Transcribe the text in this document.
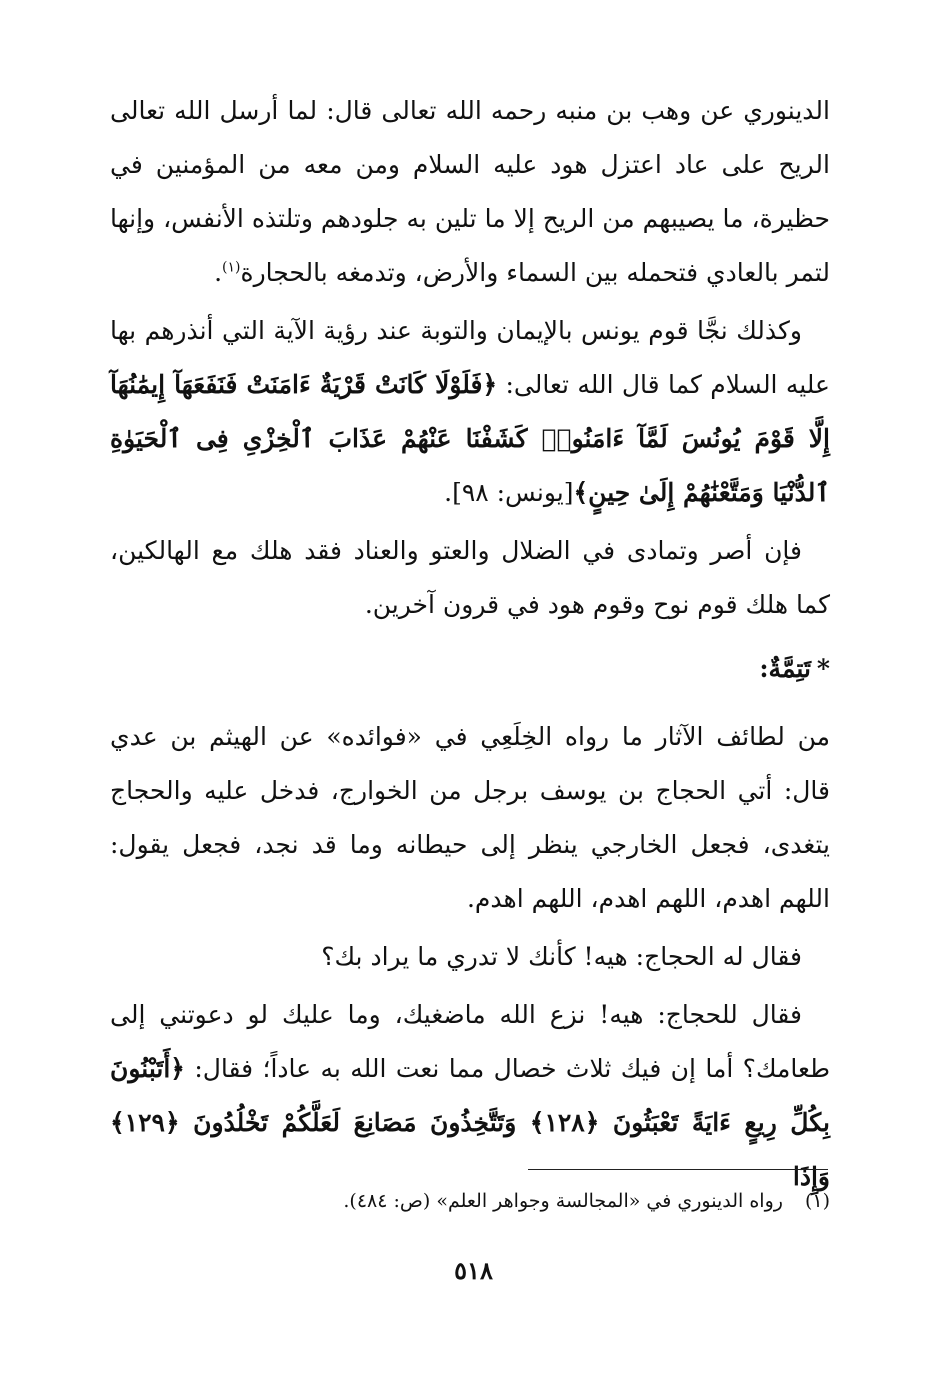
الدينوري عن وهب بن منبه رحمه الله تعالى قال: لما أرسل الله تعالى الريح على عاد اعتزل هود عليه السلام ومن معه من المؤمنين في حظيرة، ما يصيبهم من الريح إلا ما تلين به جلودهم وتلتذه الأنفس، وإنها لتمر بالعادي فتحمله بين السماء والأرض، وتدمغه بالحجارة$^{(١)}$.

وكذلك نجَّا قوم يونس بالإيمان والتوبة عند رؤية الآية التي أنذرهم بها عليه السلام كما قال الله تعالى: ﴿فَلَوْلَا كَانَتْ قَرْيَةٌ ءَامَنَتْ فَنَفَعَهَآ إِيمَٰنُهَآ إِلَّا قَوْمَ يُونُسَ لَمَّآ ءَامَنُوا۟ كَشَفْنَا عَنْهُمْ عَذَابَ ٱلْخِزْىِ فِى ٱلْحَيَوٰةِ ٱلدُّنْيَا وَمَتَّعْنَٰهُمْ إِلَىٰ حِينٍ﴾[يونس: ٩٨].

فإن أصر وتمادى في الضلال والعتو والعناد فقد هلك مع الهالكين، كما هلك قوم نوح وقوم هود في قرون آخرين.

*تَتِمَّةٌ:

من لطائف الآثار ما رواه الخِلَعِي في «فوائده» عن الهيثم بن عدي قال: أتي الحجاج بن يوسف برجل من الخوارج، فدخل عليه والحجاج يتغدى، فجعل الخارجي ينظر إلى حيطانه وما قد نجد، فجعل يقول: اللهم اهدم، اللهم اهدم، اللهم اهدم.

فقال له الحجاج: هيه! كأنك لا تدري ما يراد بك؟

فقال للحجاج: هيه! نزع الله ماضغيك، وما عليك لو دعوتني إلى طعامك؟ أما إن فيك ثلاث خصال مما نعت الله به عاداً؛ فقال: ﴿أَتَبْنُونَ بِكُلِّ رِيعٍ ءَايَةً تَعْبَثُونَ ﴿١٢٨﴾ وَتَتَّخِذُونَ مَصَانِعَ لَعَلَّكُمْ تَخْلُدُونَ ﴿١٢٩﴾ وَإِذَا

(١)رواه الدينوري في «المجالسة وجواهر العلم» (ص: ٤٨٤).
٥١٨
